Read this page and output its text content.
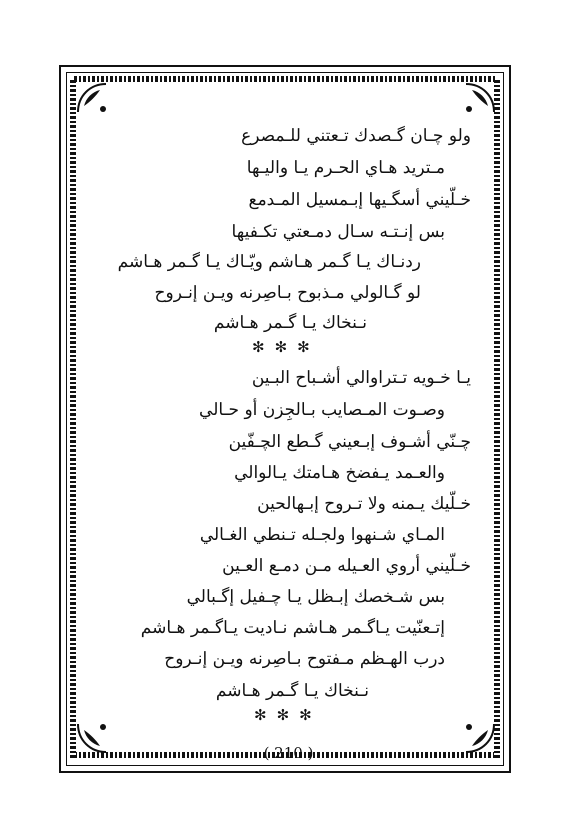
ولو چـان گـصدك تـعتني للـمصرع
مـتريد هـاي الحـرم يـا واليـها
خـلّيني أسگـيها إبـمسيل المـدمع
بس إنـتـه سـال دمـعتي تكـفيها
ردنـاك يـا گـمر هـاشم ويّـاك يـا گـمر هـاشم
لو گـالولي مـذبوح بـاصِرنه ويـن إنـروح
نـنخاك يـا گـمر هـاشم
✻✻✻
يـا خـويه تـتراوالي أشـباح البـين
وصـوت المـصايب بـالجِزن أو حـالي
چـنّي أشـوف إبـعيني گـطع الچـفّين
والعـمد يـفضخ هـامتك يـالوالي
خـلّيك يـمنه ولا تـروح إبـهالحين
المـاي شـنهوا ولجـله تـنطي الغـالي
خـلّيني أروي العـيله مـن دمـع العـين
بس شـخصك إبـظل يـا چـفيل إگـبالي
إتـعنّيت يـاگـمر هـاشم نـاديت يـاگـمر هـاشم
درب الهـظم مـفتوح بـاصِرنه ويـن إنـروح
نـنخاك يـا گـمر هـاشم
✻✻✻
( 210 )
